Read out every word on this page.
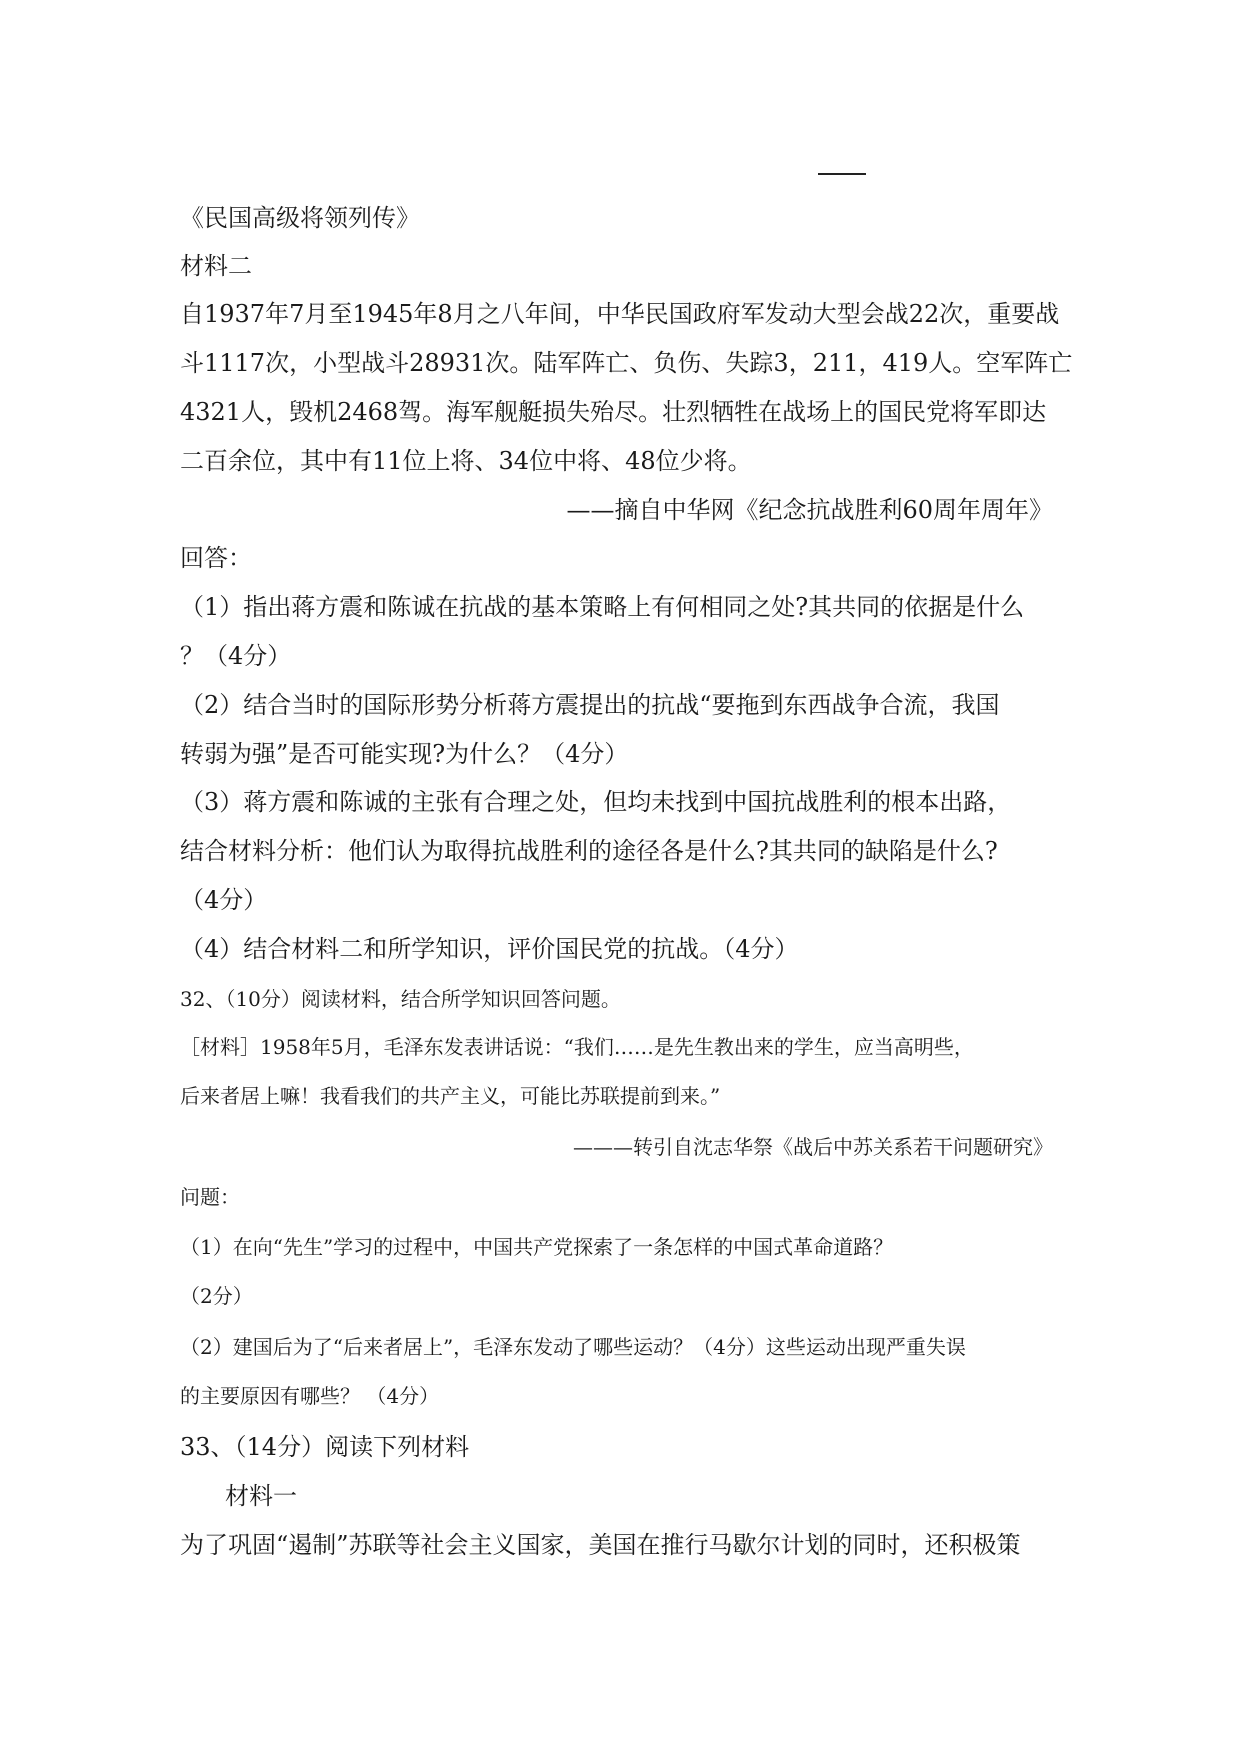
《民国高级将领列传》
材料二
自1937年7月至1945年8月之八年间，中华民国政府军发动大型会战22次，重要战
斗1117次，小型战斗28931次。陆军阵亡、负伤、失踪3，211，419人。空军阵亡
4321人，毁机2468驾。海军舰艇损失殆尽。壮烈牺牲在战场上的国民党将军即达
二百余位，其中有11位上将、34位中将、48位少将。
——摘自中华网《纪念抗战胜利60周年周年》
回答：
（1）指出蒋方震和陈诚在抗战的基本策略上有何相同之处?其共同的依据是什么
？（4分）
（2）结合当时的国际形势分析蒋方震提出的抗战“要拖到东西战争合流，我国
转弱为强”是否可能实现?为什么？（4分）
（3）蒋方震和陈诚的主张有合理之处，但均未找到中国抗战胜利的根本出路，
结合材料分析：他们认为取得抗战胜利的途径各是什么?其共同的缺陷是什么?
（4分）
（4）结合材料二和所学知识，评价国民党的抗战。（4分）
32、（10分）阅读材料，结合所学知识回答问题。
［材料］1958年5月，毛泽东发表讲话说：“我们……是先生教出来的学生，应当高明些，
后来者居上嘛！我看我们的共产主义，可能比苏联提前到来。”
———转引自沈志华祭《战后中苏关系若干问题研究》
问题：
（1）在向“先生”学习的过程中，中国共产党探索了一条怎样的中国式革命道路？
（2分）
（2）建国后为了“后来者居上”，毛泽东发动了哪些运动？（4分）这些运动出现严重失误
的主要原因有哪些？ （4分）
33、（14分）阅读下列材料
材料一
为了巩固“遏制”苏联等社会主义国家，美国在推行马歇尔计划的同时，还积极策
